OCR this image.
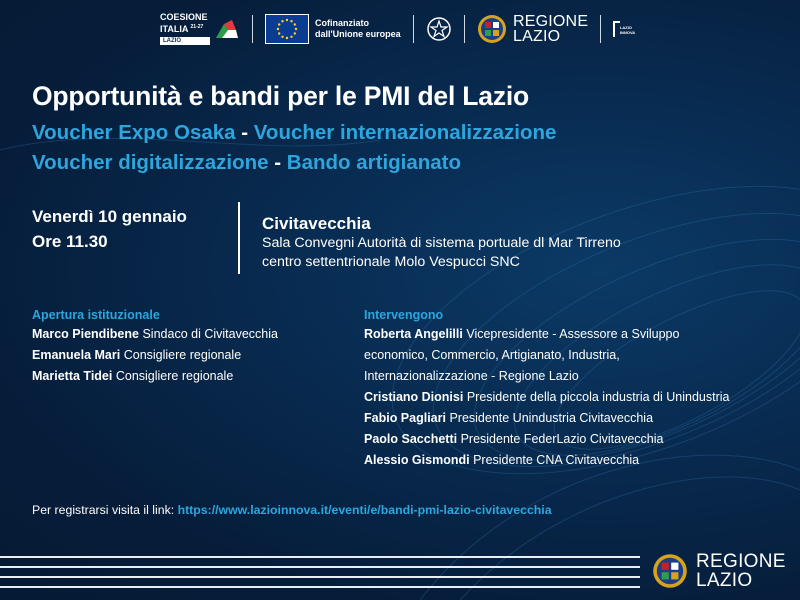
COESIONE
ITALIA $^{21-27}$
LAZIO
Cofinanziato dall'Unione europea
REGIONE
LAZIO
LAZIO INNOVA
Opportunità e bandi per le PMI del Lazio
Voucher Expo Osaka - Voucher internazionalizzazione
Voucher digitalizzazione - Bando artigianato
Venerdì 10 gennaio
Ore 11.30
Civitavecchia
Sala Convegni Autorità di sistema portuale dl Mar Tirreno
centro settentrionale Molo Vespucci SNC
Apertura istituzionale
Marco Piendibene Sindaco di Civitavecchia
Emanuela Mari Consigliere regionale
Marietta Tidei Consigliere regionale
Intervengono
Roberta Angelilli Vicepresidente - Assessore a Sviluppo
economico, Commercio, Artigianato, Industria,
Internazionalizzazione - Regione Lazio
Cristiano Dionisi Presidente della piccola industria di Unindustria
Fabio Pagliari Presidente Unindustria Civitavecchia
Paolo Sacchetti Presidente FederLazio Civitavecchia
Alessio Gismondi Presidente CNA Civitavecchia
Per registrarsi visita il link: https://www.lazioinnova.it/eventi/e/bandi-pmi-lazio-civitavecchia
REGIONE
LAZIO
